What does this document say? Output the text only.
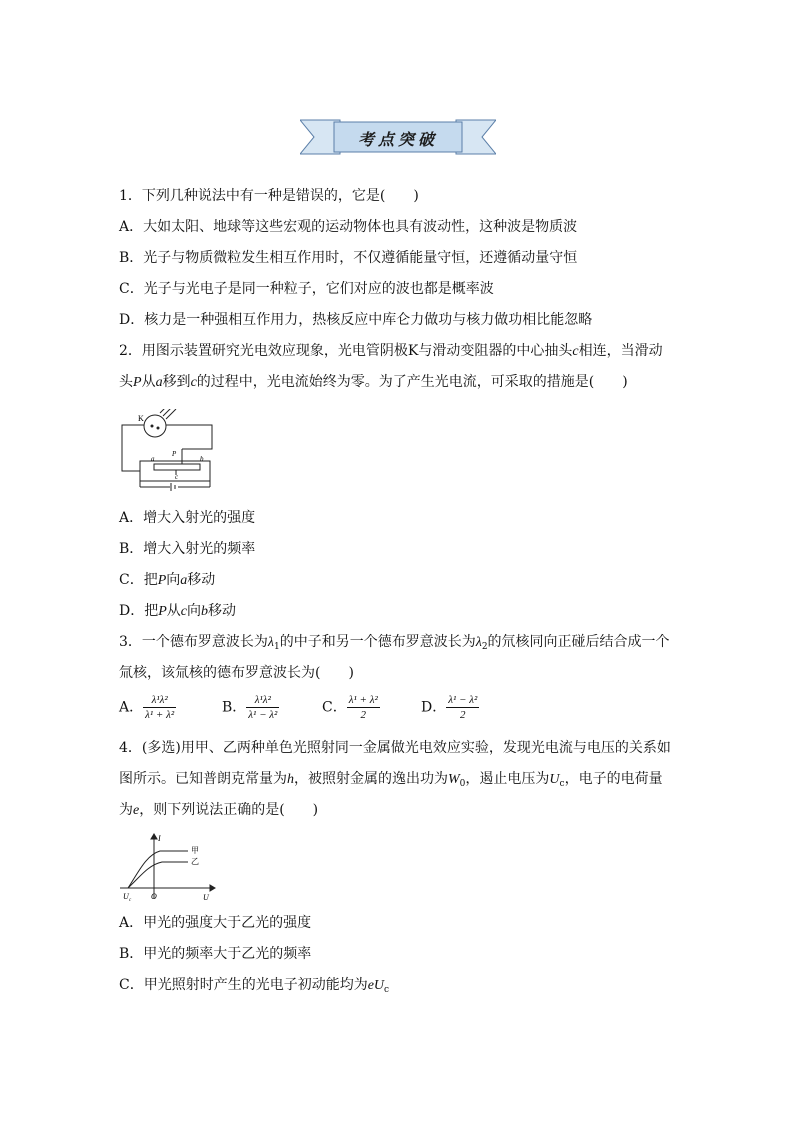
考点突破
1．下列几种说法中有一种是错误的，它是(　　)
A．大如太阳、地球等这些宏观的运动物体也具有波动性，这种波是物质波
B．光子与物质微粒发生相互作用时，不仅遵循能量守恒，还遵循动量守恒
C．光子与光电子是同一种粒子，它们对应的波也都是概率波
D．核力是一种强相互作用力，热核反应中库仑力做功与核力做功相比能忽略
2．用图示装置研究光电效应现象，光电管阴极K与滑动变阻器的中心抽头c相连，当滑动
头P从a移到c的过程中，光电流始终为零。为了产生光电流，可采取的措施是(　　)
K
a
P
b
c
A．增大入射光的强度
B．增大入射光的频率
C．把P向a移动
D．把P从c向b移动
3．一个德布罗意波长为$\lambda_1$的中子和另一个德布罗意波长为$\lambda_2$的氘核同向正碰后结合成一个
氚核，该氚核的德布罗意波长为(　　)
A． $\frac{\text{λ¹λ²}}{\text{λ¹ + λ²}}$	B． $\frac{\text{λ¹λ²}}{\text{λ¹ − λ²}}$	C． $\frac{\text{λ¹ + λ²}}{2}$	D． $\frac{\text{λ¹ − λ²}}{2}$
4．(多选)用甲、乙两种单色光照射同一金属做光电效应实验，发现光电流与电压的关系如
图所示。已知普朗克常量为h，被照射金属的逸出功为$W_0$，遏止电压为$U_c$，电子的电荷量
为e，则下列说法正确的是(　　)
I
U
O
U c
甲
乙
A．甲光的强度大于乙光的强度
B．甲光的频率大于乙光的频率
C．甲光照射时产生的光电子初动能均为$eU_c$
